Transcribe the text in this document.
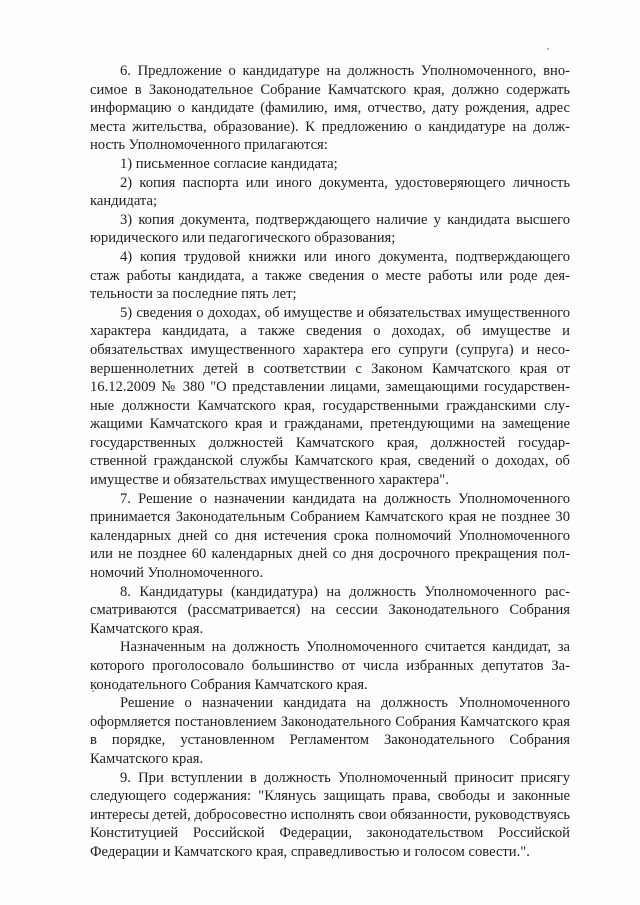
6. Предложение о кандидатуре на должность Уполномоченного, вносимое в Законодательное Собрание Камчатского края, должно содержать информацию о кандидате (фамилию, имя, отчество, дату рождения, адрес места жительства, образование). К предложению о кандидатуре на должность Уполномоченного прилагаются:

1) письменное согласие кандидата;

2) копия паспорта или иного документа, удостоверяющего личность кандидата;

3) копия документа, подтверждающего наличие у кандидата высшего юридического или педагогического образования;

4) копия трудовой книжки или иного документа, подтверждающего стаж работы кандидата, а также сведения о месте работы или роде деятельности за последние пять лет;

5) сведения о доходах, об имуществе и обязательствах имущественного характера кандидата, а также сведения о доходах, об имуществе и обязательствах имущественного характера его супруги (супруга) и несовершеннолетних детей в соответствии с Законом Камчатского края от 16.12.2009 № 380 "О представлении лицами, замещающими государственные должности Камчатского края, государственными гражданскими служащими Камчатского края и гражданами, претендующими на замещение государственных должностей Камчатского края, должностей государственной гражданской службы Камчатского края, сведений о доходах, об имуществе и обязательствах имущественного характера".

7. Решение о назначении кандидата на должность Уполномоченного принимается Законодательным Собранием Камчатского края не позднее 30 календарных дней со дня истечения срока полномочий Уполномоченного или не позднее 60 календарных дней со дня досрочного прекращения полномочий Уполномоченного.

8. Кандидатуры (кандидатура) на должность Уполномоченного рассматриваются (рассматривается) на сессии Законодательного Собрания Камчатского края.

Назначенным на должность Уполномоченного считается кандидат, за которого проголосовало большинство от числа избранных депутатов Законодательного Собрания Камчатского края.

Решение о назначении кандидата на должность Уполномоченного оформляется постановлением Законодательного Собрания Камчатского края в порядке, установленном Регламентом Законодательного Собрания Камчатского края.

9. При вступлении в должность Уполномоченный приносит присягу следующего содержания: "Клянусь защищать права, свободы и законные интересы детей, добросовестно исполнять свои обязанности, руководствуясь Конституцией Российской Федерации, законодательством Российской Федерации и Камчатского края, справедливостью и голосом совести.".
